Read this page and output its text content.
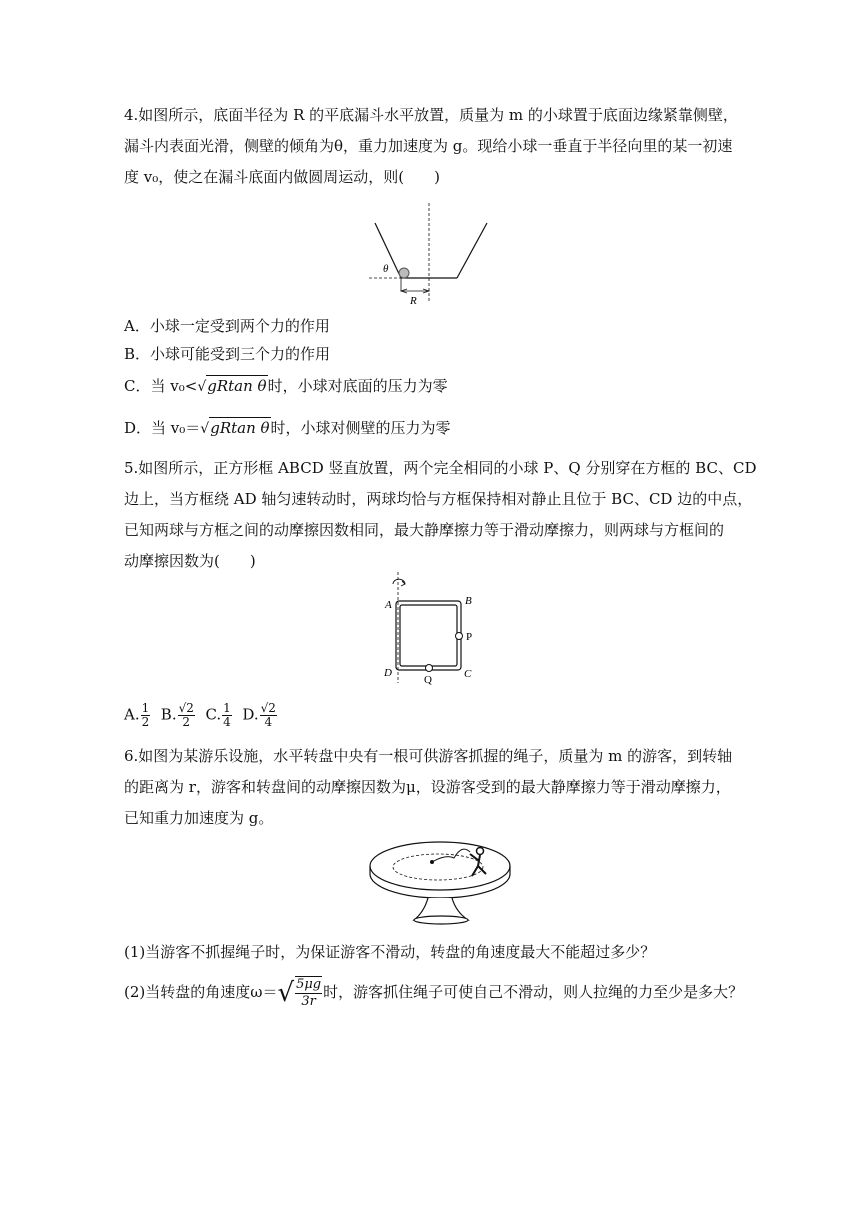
4.如图所示，底面半径为 R 的平底漏斗水平放置，质量为 m 的小球置于底面边缘紧靠侧壁，
漏斗内表面光滑，侧壁的倾角为θ，重力加速度为 g。现给小球一垂直于半径向里的某一初速
度 v₀，使之在漏斗底面内做圆周运动，则(　　)
θ
R
A．小球一定受到两个力的作用
B．小球可能受到三个力的作用
C．当 v₀<√gRtan θ时，小球对底面的压力为零
D．当 v₀＝√gRtan θ时，小球对侧壁的压力为零
5.如图所示，正方形框 ABCD 竖直放置，两个完全相同的小球 P、Q 分别穿在方框的 BC、CD
边上，当方框绕 AD 轴匀速转动时，两球均恰与方框保持相对静止且位于 BC、CD 边的中点，
已知两球与方框之间的动摩擦因数相同，最大静摩擦力等于滑动摩擦力，则两球与方框间的
动摩擦因数为(　　)
A	B
C
D
P
Q
A. $\frac{1}{2} B$. $\frac{√2}{2} C$. $\frac{1}{4} D$. $\frac{√2}{4}$
6.如图为某游乐设施，水平转盘中央有一根可供游客抓握的绳子，质量为 m 的游客，到转轴
的距离为 r，游客和转盘间的动摩擦因数为μ，设游客受到的最大静摩擦力等于滑动摩擦力，
已知重力加速度为 g。
(1)当游客不抓握绳子时，为保证游客不滑动，转盘的角速度最大不能超过多少？
(2)当转盘的角速度$\omega=√ \frac{5\mu g}{3r}$ 时，游客抓住绳子可使自己不滑动，则人拉绳的力至少是多大？
